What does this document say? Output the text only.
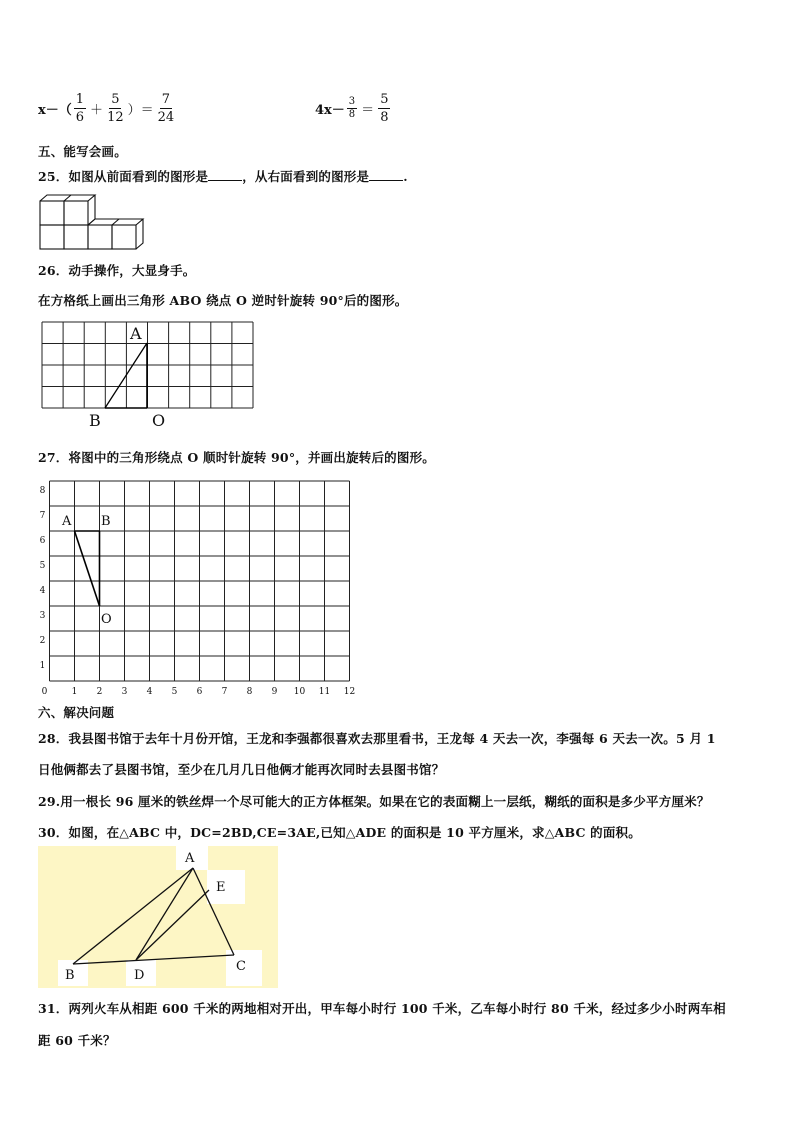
$x-( \frac{1}{6} + \frac{5}{12}$ ）＝ $\frac{7}{24}$	$4x- \frac{3}{8} = \frac{5}{8}$
五、能写会画。
25．如图从前面看到的图形是	，从右面看到的图形是	.
26．动手操作，大显身手。
在方格纸上画出三角形 ABO 绕点 O 逆时针旋转 90°后的图形。
A
B	O
27．将图中的三角形绕点 O 顺时针旋转 90°，并画出旋转后的图形。
0	1 2 3 4 5 6 7 8 9 10 11 12
1
2
3
4
5
6
7
8
A B
O
六、解决问题
28．我县图书馆于去年十月份开馆，王龙和李强都很喜欢去那里看书，王龙每 4 天去一次，李强每 6 天去一次。5 月 1
日他俩都去了县图书馆，至少在几月几日他俩才能再次同时去县图书馆？
29.用一根长 96 厘米的铁丝焊一个尽可能大的正方体框架。如果在它的表面糊上一层纸，糊纸的面积是多少平方厘米？
30．如图，在△ABC 中，DC=2BD,CE=3AE,已知△ADE 的面积是 10 平方厘米，求△ABC 的面积。
A
E
B	D
C
31．两列火车从相距 600 千米的两地相对开出，甲车每小时行 100 千米，乙车每小时行 80 千米，经过多少小时两车相
距 60 千米？
